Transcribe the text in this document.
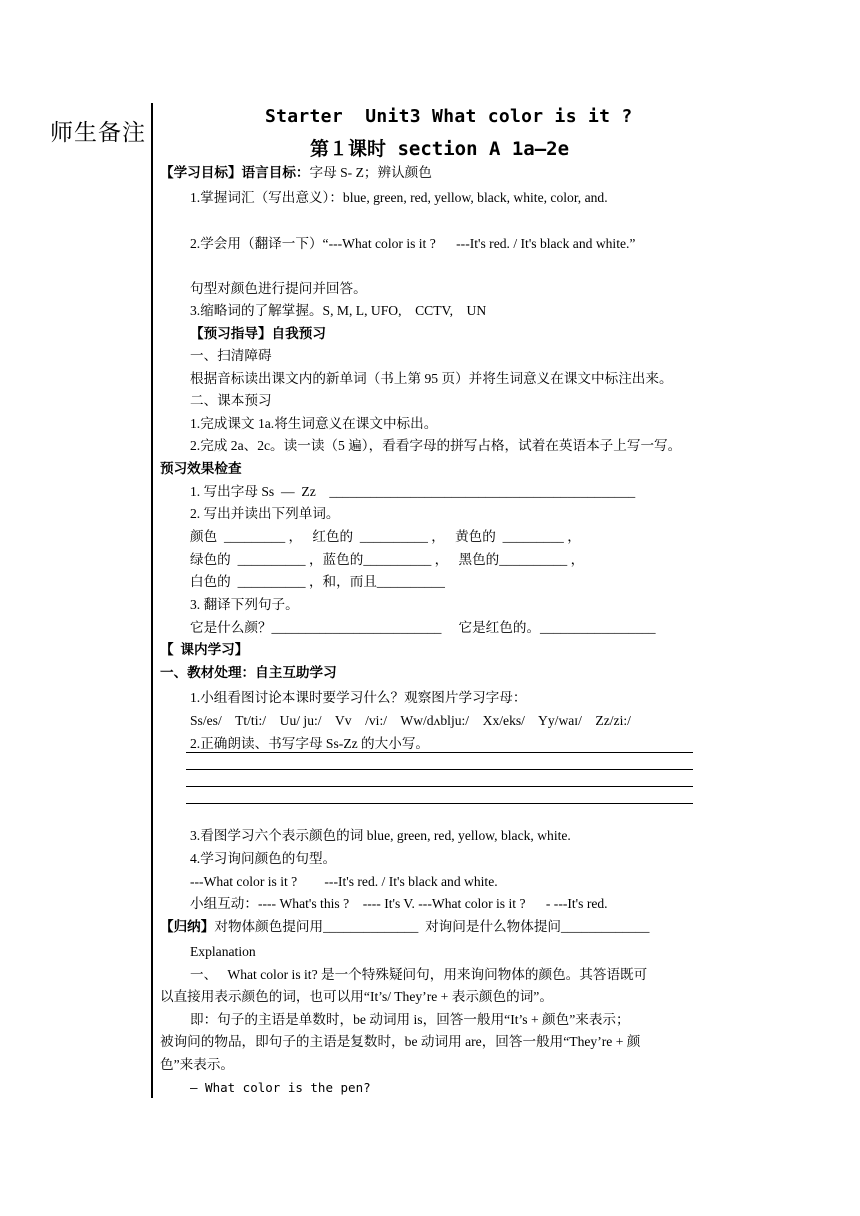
师生备注
Starter  Unit3 What color is it ?
第１课时 section A 1a—2e
【学习目标】语言目标：字母 S- Z；辨认颜色
1.掌握词汇（写出意义）：blue, green, red, yellow, black, white, color, and.
2.学会用（翻译一下）“---What color is it ?      ---It's red. / It's black and white.”
句型对颜色进行提问并回答。
3.缩略词的了解掌握。S, M, L, UFO,    CCTV,    UN
【预习指导】自我预习
一、扫清障碍
根据音标读出课文内的新单词（书上第 95 页）并将生词意义在课文中标注出来。
二、课本预习
1.完成课文 1a.将生词意义在课文中标出。
2.完成 2a、2c。读一读（5 遍），看看字母的拼写占格，试着在英语本子上写一写。
预习效果检查
1. 写出字母 Ss  —  Zz    _____________________________________________
2. 写出并读出下列单词。
颜色  _________ ，   红色的  __________ ，   黄色的  _________ ，
绿色的  __________ ，蓝色的__________ ，   黑色的__________ ，
白色的  __________ ，和，而且__________
3. 翻译下列句子。
它是什么颜？_________________________     它是红色的。_________________
【  课内学习】
一、教材处理：自主互助学习
1.小组看图讨论本课时要学习什么？观察图片学习字母：
Ss/es/    Tt/ti:/    Uu/ ju:/    Vv    /vi:/    Ww/dʌblju:/    Xx/eks/    Yy/waɪ/    Zz/zi:/
2.正确朗读、书写字母 Ss-Zz 的大小写。
3.看图学习六个表示颜色的词 blue, green, red, yellow, black, white.
4.学习询问颜色的句型。
---What color is it ?        ---It's red. / It's black and white.
小组互动：---- What's this ?    ---- It's V. ---What color is it ?      - ---It's red.
【归纳】对物体颜色提问用______________  对询问是什么物体提问_____________
Explanation
一、   What color is it? 是一个特殊疑问句，用来询问物体的颜色。其答语既可
以直接用表示颜色的词，也可以用“It’s/ They’re + 表示颜色的词”。
即：句子的主语是单数时，be 动词用 is，回答一般用“It’s + 颜色”来表示；
被询问的物品，即句子的主语是复数时，be 动词用 are，回答一般用“They’re + 颜
色”来表示。
— What color is the pen?
